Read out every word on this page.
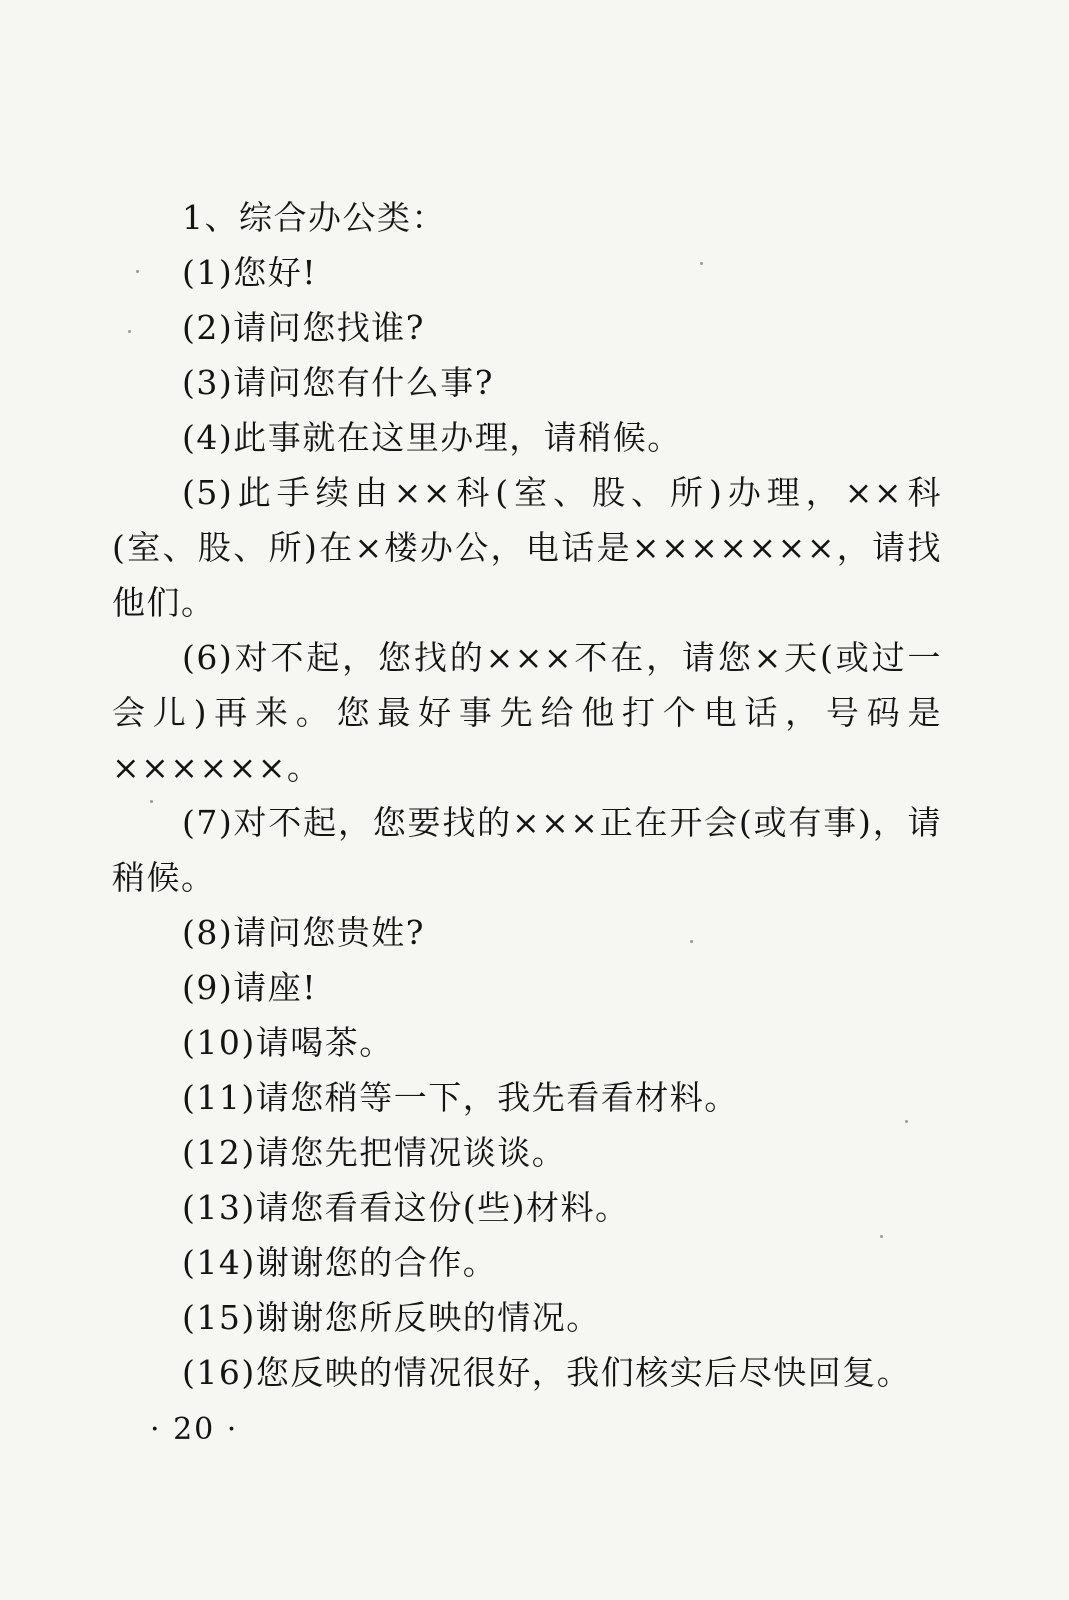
1、综合办公类：

(1)您好!

(2)请问您找谁?

(3)请问您有什么事?

(4)此事就在这里办理，请稍候。

(5)此手续由××科(室、股、所)办理，××科(室、股、所)在×楼办公，电话是×××××××，请找他们。

(6)对不起，您找的×××不在，请您×天(或过一会儿)再来。您最好事先给他打个电话，号码是××××××。

(7)对不起，您要找的×××正在开会(或有事)，请稍候。

(8)请问您贵姓?

(9)请座!

(10)请喝茶。

(11)请您稍等一下，我先看看材料。

(12)请您先把情况谈谈。

(13)请您看看这份(些)材料。

(14)谢谢您的合作。

(15)谢谢您所反映的情况。

(16)您反映的情况很好，我们核实后尽快回复。

· 20 ·
